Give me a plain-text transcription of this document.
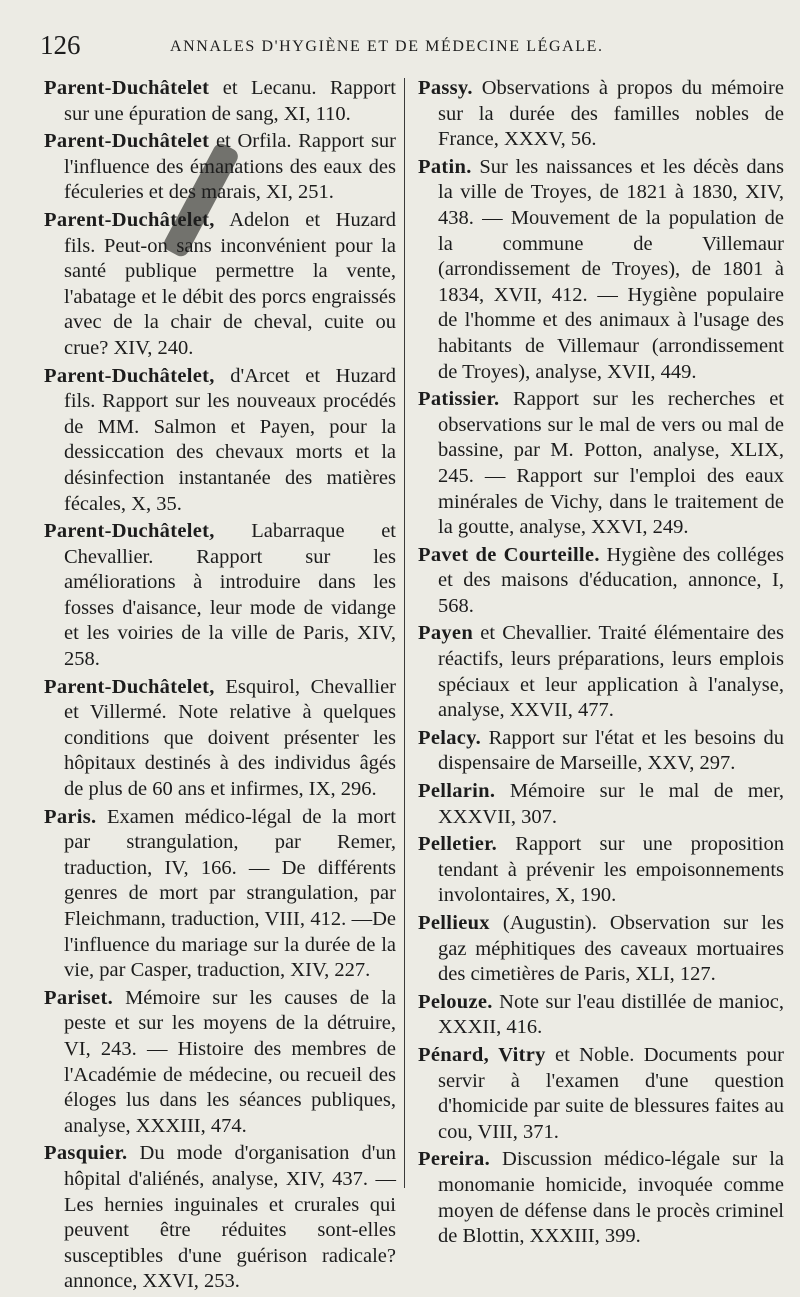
126	ANNALES D'HYGIÈNE ET DE MÉDECINE LÉGALE.

Parent-Duchâtelet et Lecanu. Rapport sur une épuration de sang, XI, 110.

Parent-Duchâtelet et Orfila. Rapport sur l'influence des émanations des eaux des féculeries et des marais, XI, 251.

Parent-Duchâtelet, Adelon et Huzard fils. Peut-on sans inconvénient pour la santé publique permettre la vente, l'abatage et le débit des porcs engraissés avec de la chair de cheval, cuite ou crue? XIV, 240.

Parent-Duchâtelet, d'Arcet et Huzard fils. Rapport sur les nouveaux procédés de MM. Salmon et Payen, pour la dessiccation des chevaux morts et la désinfection instantanée des matières fécales, X, 35.

Parent-Duchâtelet, Labarraque et Chevallier. Rapport sur les améliorations à introduire dans les fosses d'aisance, leur mode de vidange et les voiries de la ville de Paris, XIV, 258.

Parent-Duchâtelet, Esquirol, Chevallier et Villermé. Note relative à quelques conditions que doivent présenter les hôpitaux destinés à des individus âgés de plus de 60 ans et infirmes, IX, 296.

Paris. Examen médico-légal de la mort par strangulation, par Remer, traduction, IV, 166. — De différents genres de mort par strangulation, par Fleichmann, traduction, VIII, 412. —De l'influence du mariage sur la durée de la vie, par Casper, traduction, XIV, 227.

Pariset. Mémoire sur les causes de la peste et sur les moyens de la détruire, VI, 243. — Histoire des membres de l'Académie de médecine, ou recueil des éloges lus dans les séances publiques, analyse, XXXIII, 474.

Pasquier. Du mode d'organisation d'un hôpital d'aliénés, analyse, XIV, 437. — Les hernies inguinales et crurales qui peuvent être réduites sont-elles susceptibles d'une guérison radicale? annonce, XXVI, 253.

Passy. Observations à propos du mémoire sur la durée des familles nobles de France, XXXV, 56.

Patin. Sur les naissances et les décès dans la ville de Troyes, de 1821 à 1830, XIV, 438. — Mouvement de la population de la commune de Villemaur (arrondissement de Troyes), de 1801 à 1834, XVII, 412. — Hygiène populaire de l'homme et des animaux à l'usage des habitants de Villemaur (arrondissement de Troyes), analyse, XVII, 449.

Patissier. Rapport sur les recherches et observations sur le mal de vers ou mal de bassine, par M. Potton, analyse, XLIX, 245. — Rapport sur l'emploi des eaux minérales de Vichy, dans le traitement de la goutte, analyse, XXVI, 249.

Pavet de Courteille. Hygiène des colléges et des maisons d'éducation, annonce, I, 568.

Payen et Chevallier. Traité élémentaire des réactifs, leurs préparations, leurs emplois spéciaux et leur application à l'analyse, analyse, XXVII, 477.

Pelacy. Rapport sur l'état et les besoins du dispensaire de Marseille, XXV, 297.

Pellarin. Mémoire sur le mal de mer, XXXVII, 307.

Pelletier. Rapport sur une proposition tendant à prévenir les empoisonnements involontaires, X, 190.

Pellieux (Augustin). Observation sur les gaz méphitiques des caveaux mortuaires des cimetières de Paris, XLI, 127.

Pelouze. Note sur l'eau distillée de manioc, XXXII, 416.

Pénard, Vitry et Noble. Documents pour servir à l'examen d'une question d'homicide par suite de blessures faites au cou, VIII, 371.

Pereira. Discussion médico-légale sur la monomanie homicide, invoquée comme moyen de défense dans le procès criminel de Blottin, XXXIII, 399.
